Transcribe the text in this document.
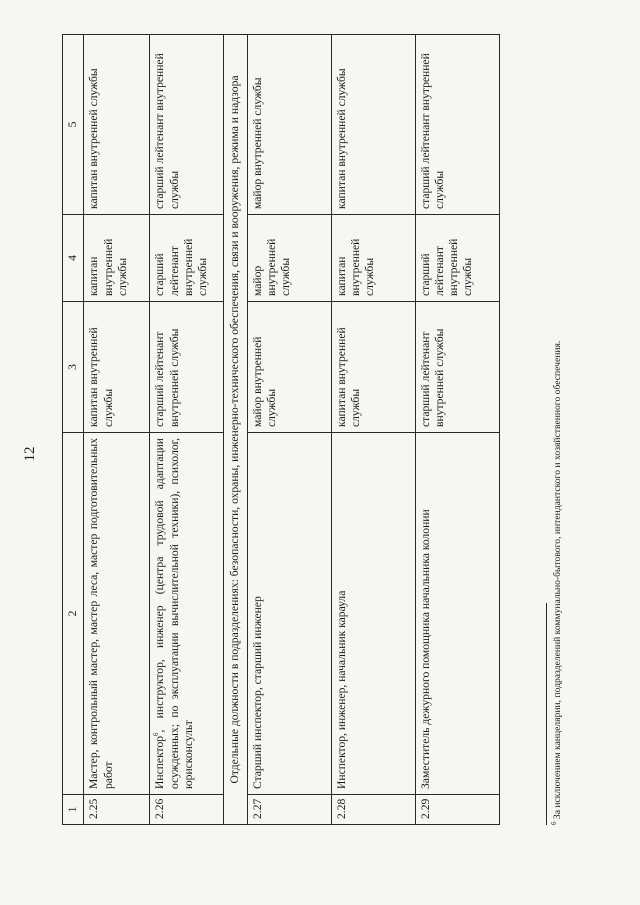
12
1	2	3	4	5
2.25	Мастер, контрольный мастер, мастер леса, мастер подготовительных работ	капитан внутренней службы	капитан внутренней службы	капитан внутренней службы
2.26	Инспектор$^6$, инструктор, инженер (центра трудовой адаптации осужденных; по эксплуатации вычислительной техники), психолог, юрисконсульт	старший лейтенант внутренней службы	старший лейтенант внутренней службы	старший лейтенант внутренней службы
Отдельные должности в подразделениях: безопасности, охраны, инженерно-технического обеспечения, связи и вооружения, режима и надзора				
2.27	Старший инспектор, старший инженер	майор внутренней службы	майор внутренней службы	майор внутренней службы
2.28	Инспектор, инженер, начальник караула	капитан внутренней службы	капитан внутренней службы	капитан внутренней службы
2.29	Заместитель дежурного помощника начальника колонии	старший лейтенант внутренней службы	старший лейтенант внутренней службы	старший лейтенант внутренней службы
$^6$ За исключением канцелярии, подразделений коммунально-бытового, интендантского и хозяйственного обеспечения.
